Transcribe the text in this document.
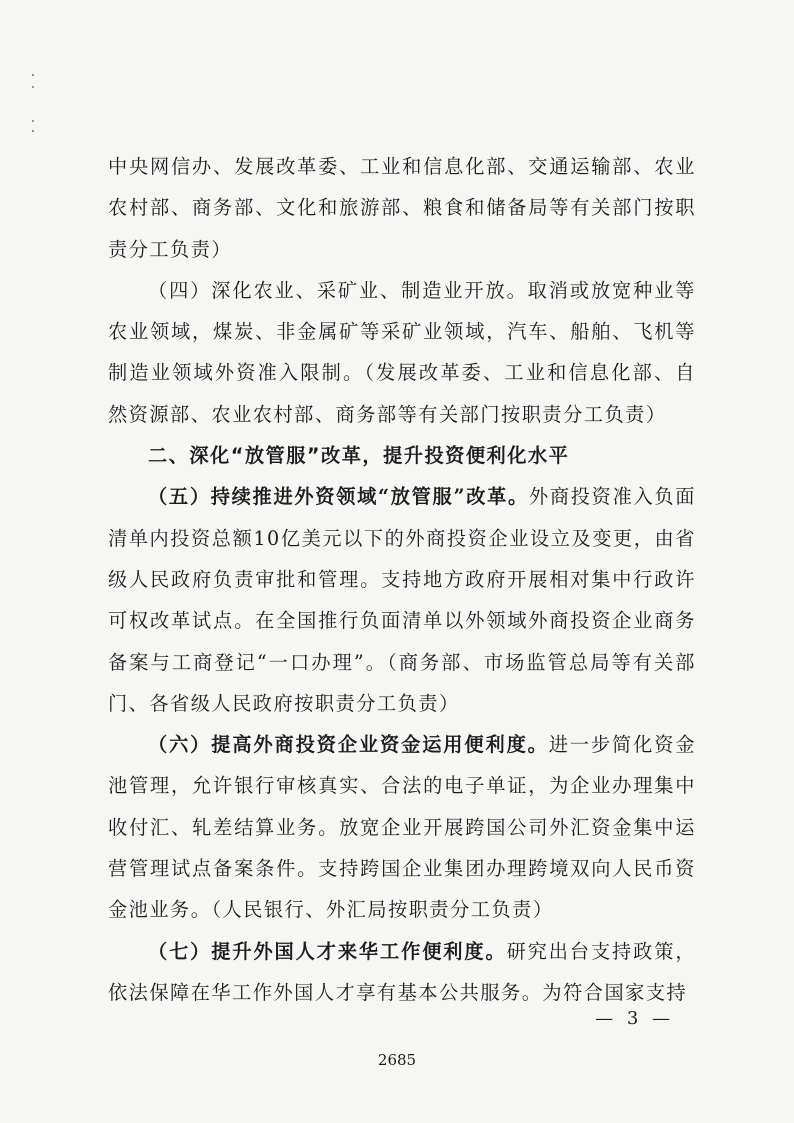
中央网信办、发展改革委、工业和信息化部、交通运输部、农业农村部、商务部、文化和旅游部、粮食和储备局等有关部门按职责分工负责）

（四）深化农业、采矿业、制造业开放。取消或放宽种业等农业领域，煤炭、非金属矿等采矿业领域，汽车、船舶、飞机等制造业领域外资准入限制。（发展改革委、工业和信息化部、自然资源部、农业农村部、商务部等有关部门按职责分工负责）

二、深化“放管服”改革，提升投资便利化水平

（五）持续推进外资领域“放管服”改革。外商投资准入负面清单内投资总额10亿美元以下的外商投资企业设立及变更，由省级人民政府负责审批和管理。支持地方政府开展相对集中行政许可权改革试点。在全国推行负面清单以外领域外商投资企业商务备案与工商登记“一口办理”。（商务部、市场监管总局等有关部门、各省级人民政府按职责分工负责）

（六）提高外商投资企业资金运用便利度。进一步简化资金池管理，允许银行审核真实、合法的电子单证，为企业办理集中收付汇、轧差结算业务。放宽企业开展跨国公司外汇资金集中运营管理试点备案条件。支持跨国企业集团办理跨境双向人民币资金池业务。（人民银行、外汇局按职责分工负责）

（七）提升外国人才来华工作便利度。研究出台支持政策，依法保障在华工作外国人才享有基本公共服务。为符合国家支持

— 3 —
2685
